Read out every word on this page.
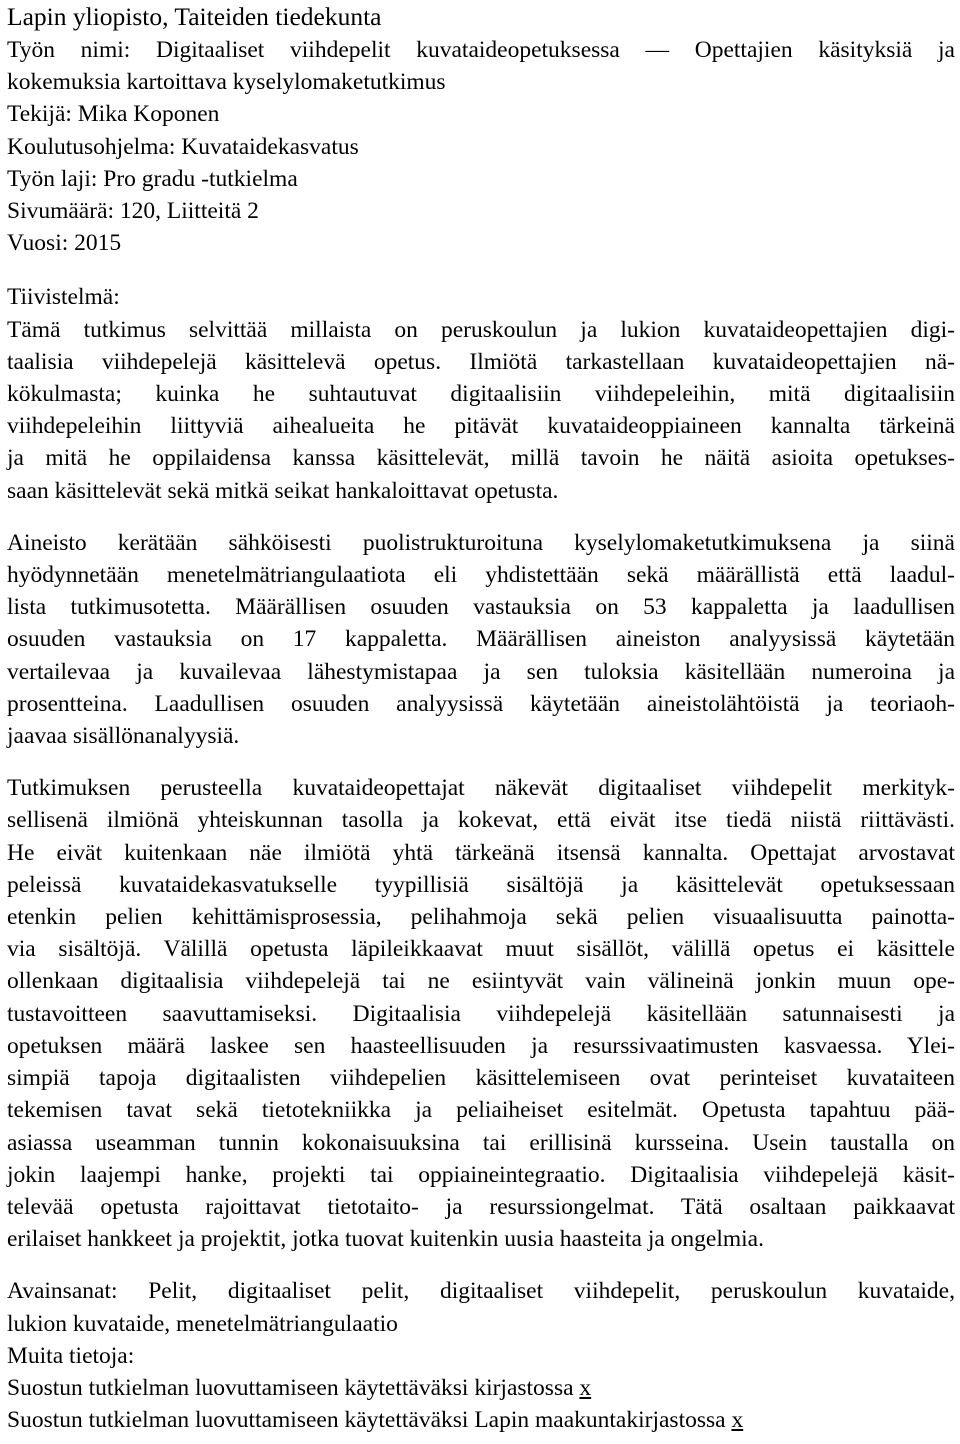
Lapin yliopisto, Taiteiden tiedekunta
Työn nimi: Digitaaliset viihdepelit kuvataideopetuksessa — Opettajien käsityksiä ja
kokemuksia kartoittava kyselylomaketutkimus
Tekijä: Mika Koponen
Koulutusohjelma: Kuvataidekasvatus
Työn laji: Pro gradu -tutkielma
Sivumäärä: 120, Liitteitä 2
Vuosi: 2015
Tiivistelmä:
Tämä tutkimus selvittää millaista on peruskoulun ja lukion kuvataideopettajien digi-
taalisia viihdepelejä käsittelevä opetus. Ilmiötä tarkastellaan kuvataideopettajien nä-
kökulmasta; kuinka he suhtautuvat digitaalisiin viihdepeleihin, mitä digitaalisiin
viihdepeleihin liittyviä aihealueita he pitävät kuvataideoppiaineen kannalta tärkeinä
ja mitä he oppilaidensa kanssa käsittelevät, millä tavoin he näitä asioita opetukses-
saan käsittelevät sekä mitkä seikat hankaloittavat opetusta.
Aineisto kerätään sähköisesti puolistrukturoituna kyselylomaketutkimuksena ja siinä
hyödynnetään menetelmätriangulaatiota eli yhdistettään sekä määrällistä että laadul-
lista tutkimusotetta. Määrällisen osuuden vastauksia on 53 kappaletta ja laadullisen
osuuden vastauksia on 17 kappaletta. Määrällisen aineiston analyysissä käytetään
vertailevaa ja kuvailevaa lähestymistapaa ja sen tuloksia käsitellään numeroina ja
prosentteina. Laadullisen osuuden analyysissä käytetään aineistolähtöistä ja teoriaoh-
jaavaa sisällönanalyysiä.
Tutkimuksen perusteella kuvataideopettajat näkevät digitaaliset viihdepelit merkityk-
sellisenä ilmiönä yhteiskunnan tasolla ja kokevat, että eivät itse tiedä niistä riittävästi.
He eivät kuitenkaan näe ilmiötä yhtä tärkeänä itsensä kannalta. Opettajat arvostavat
peleissä kuvataidekasvatukselle tyypillisiä sisältöjä ja käsittelevät opetuksessaan
etenkin pelien kehittämisprosessia, pelihahmoja sekä pelien visuaalisuutta painotta-
via sisältöjä. Välillä opetusta läpileikkaavat muut sisällöt, välillä opetus ei käsittele
ollenkaan digitaalisia viihdepelejä tai ne esiintyvät vain välineinä jonkin muun ope-
tustavoitteen saavuttamiseksi. Digitaalisia viihdepelejä käsitellään satunnaisesti ja
opetuksen määrä laskee sen haasteellisuuden ja resurssivaatimusten kasvaessa. Ylei-
simpiä tapoja digitaalisten viihdepelien käsittelemiseen ovat perinteiset kuvataiteen
tekemisen tavat sekä tietotekniikka ja peliaiheiset esitelmät. Opetusta tapahtuu pää-
asiassa useamman tunnin kokonaisuuksina tai erillisinä kursseina. Usein taustalla on
jokin laajempi hanke, projekti tai oppiaineintegraatio. Digitaalisia viihdepelejä käsit-
televää opetusta rajoittavat tietotaito- ja resurssiongelmat. Tätä osaltaan paikkaavat
erilaiset hankkeet ja projektit, jotka tuovat kuitenkin uusia haasteita ja ongelmia.
Avainsanat: Pelit, digitaaliset pelit, digitaaliset viihdepelit, peruskoulun kuvataide,
lukion kuvataide, menetelmätriangulaatio
Muita tietoja:
Suostun tutkielman luovuttamiseen käytettäväksi kirjastossa x
Suostun tutkielman luovuttamiseen käytettäväksi Lapin maakuntakirjastossa x
